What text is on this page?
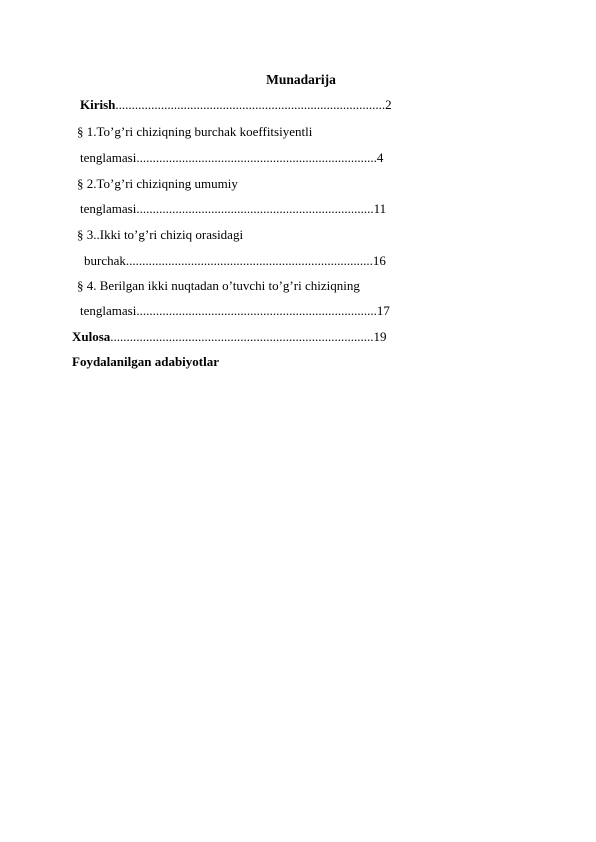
Munadarija
Kirish...................................................................................2
§ 1.To’g’ri chiziqning burchak koeffitsiyentli
tenglamasi..........................................................................4
§ 2.To’g’ri chiziqning umumiy
tenglamasi.........................................................................11
§ 3..Ikki to’g’ri chiziq orasidagi
burchak............................................................................16
§ 4. Berilgan ikki nuqtadan o’tuvchi to’g’ri chiziqning
tenglamasi..........................................................................17
Xulosa.................................................................................19
Foydalanilgan adabiyotlar
